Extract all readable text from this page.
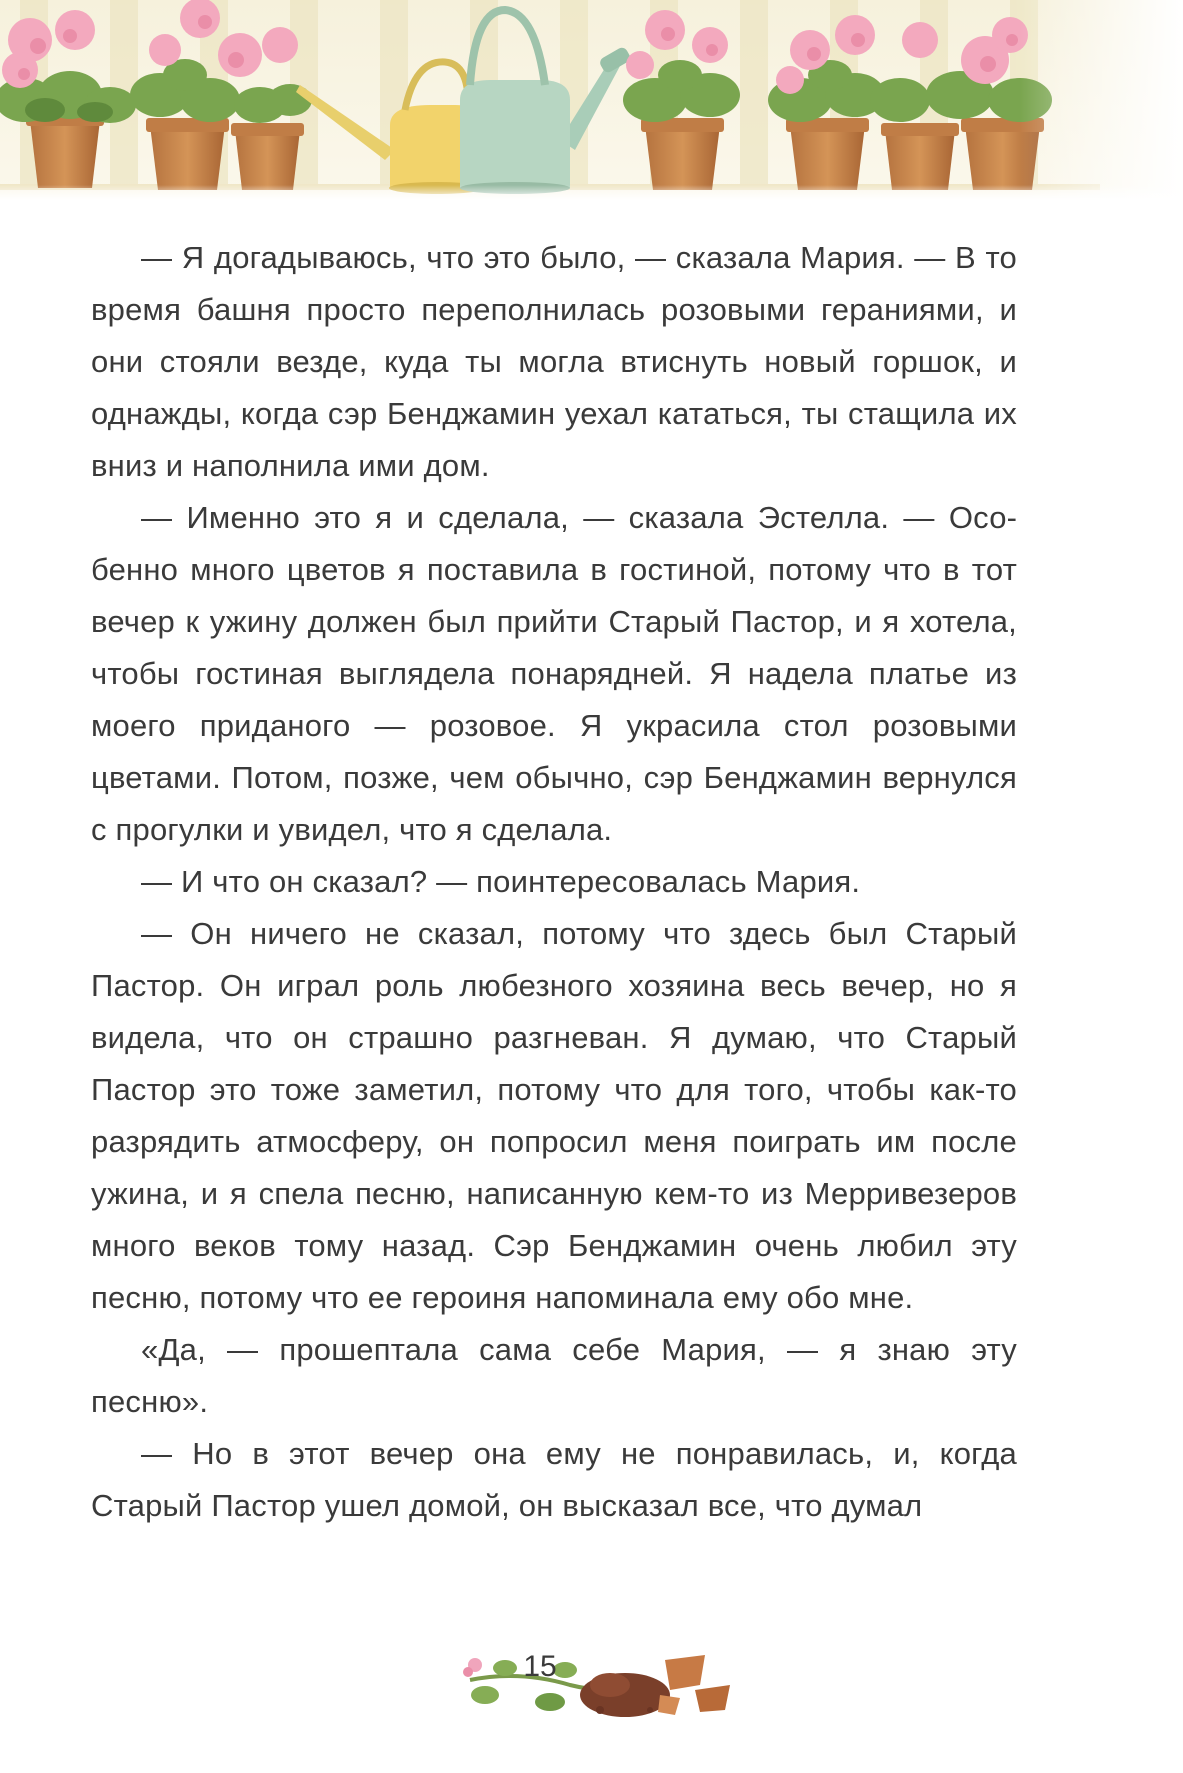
— Я догадываюсь, что это было, — сказала Мария. — В то время башня просто переполнилась розовыми гераниями, и они стояли везде, куда ты могла втиснуть новый горшок, и однажды, когда сэр Бенджамин уехал кататься, ты стащила их вниз и наполнила ими дом.

— Именно это я и сделала, — сказала Эстелла. — Особенно много цветов я поставила в гостиной, потому что в тот вечер к ужину должен был прийти Старый Пастор, и я хотела, чтобы гостиная выглядела понарядней. Я надела платье из моего приданого — розовое. Я украсила стол розовыми цветами. Потом, позже, чем обычно, сэр Бенджамин вернулся с прогулки и увидел, что я сделала.

— И что он сказал? — поинтересовалась Мария.

— Он ничего не сказал, потому что здесь был Старый Пастор. Он играл роль любезного хозяина весь вечер, но я видела, что он страшно разгневан. Я думаю, что Старый Пастор это тоже заметил, потому что для того, чтобы как-то разрядить атмосферу, он попросил меня поиграть им после ужина, и я спела песню, написанную кем-то из Мерривезеров много веков тому назад. Сэр Бенджамин очень любил эту песню, потому что ее героиня напоминала ему обо мне.

«Да, — прошептала сама себе Мария, — я знаю эту песню».

— Но в этот вечер она ему не понравилась, и, когда Старый Пастор ушел домой, он высказал все, что думал

15
